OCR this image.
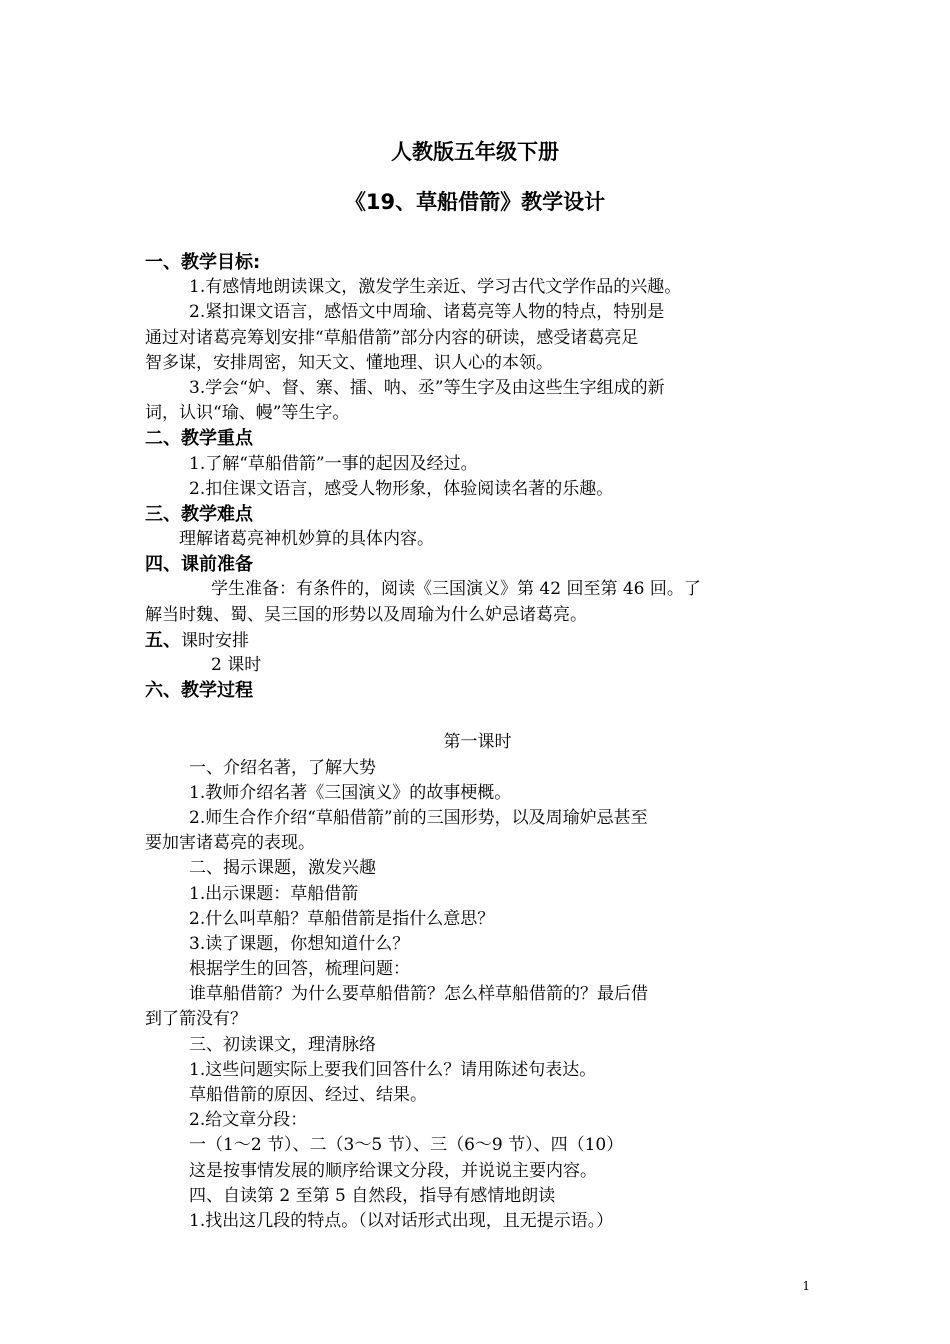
人教版五年级下册
《19、草船借箭》教学设计
一、教学目标:
1.有感情地朗读课文，激发学生亲近、学习古代文学作品的兴趣。
2.紧扣课文语言，感悟文中周瑜、诸葛亮等人物的特点，特别是
通过对诸葛亮筹划安排“草船借箭”部分内容的研读，感受诸葛亮足
智多谋，安排周密，知天文、懂地理、识人心的本领。
3.学会“妒、督、寨、擂、呐、丞”等生字及由这些生字组成的新
词，认识“瑜、幔”等生字。
二、教学重点
1.了解“草船借箭”一事的起因及经过。
2.扣住课文语言，感受人物形象，体验阅读名著的乐趣。
三、教学难点
理解诸葛亮神机妙算的具体内容。
四、课前准备
学生准备：有条件的，阅读《三国演义》第 42 回至第 46 回。了
解当时魏、蜀、吴三国的形势以及周瑜为什么妒忌诸葛亮。
五、课时安排
2 课时
六、教学过程
第一课时
一、介绍名著，了解大势
1.教师介绍名著《三国演义》的故事梗概。
2.师生合作介绍“草船借箭”前的三国形势，以及周瑜妒忌甚至
要加害诸葛亮的表现。
二、揭示课题，激发兴趣
1.出示课题：草船借箭
2.什么叫草船？草船借箭是指什么意思？
3.读了课题，你想知道什么？
根据学生的回答，梳理问题：
谁草船借箭？为什么要草船借箭？怎么样草船借箭的？最后借
到了箭没有？
三、初读课文，理清脉络
1.这些问题实际上要我们回答什么？请用陈述句表达。
草船借箭的原因、经过、结果。
2.给文章分段：
一（1～2 节）、二（3～5 节）、三（6～9 节）、四（10）
这是按事情发展的顺序给课文分段，并说说主要内容。
四、自读第 2 至第 5 自然段，指导有感情地朗读
1.找出这几段的特点。（以对话形式出现，且无提示语。）
1
